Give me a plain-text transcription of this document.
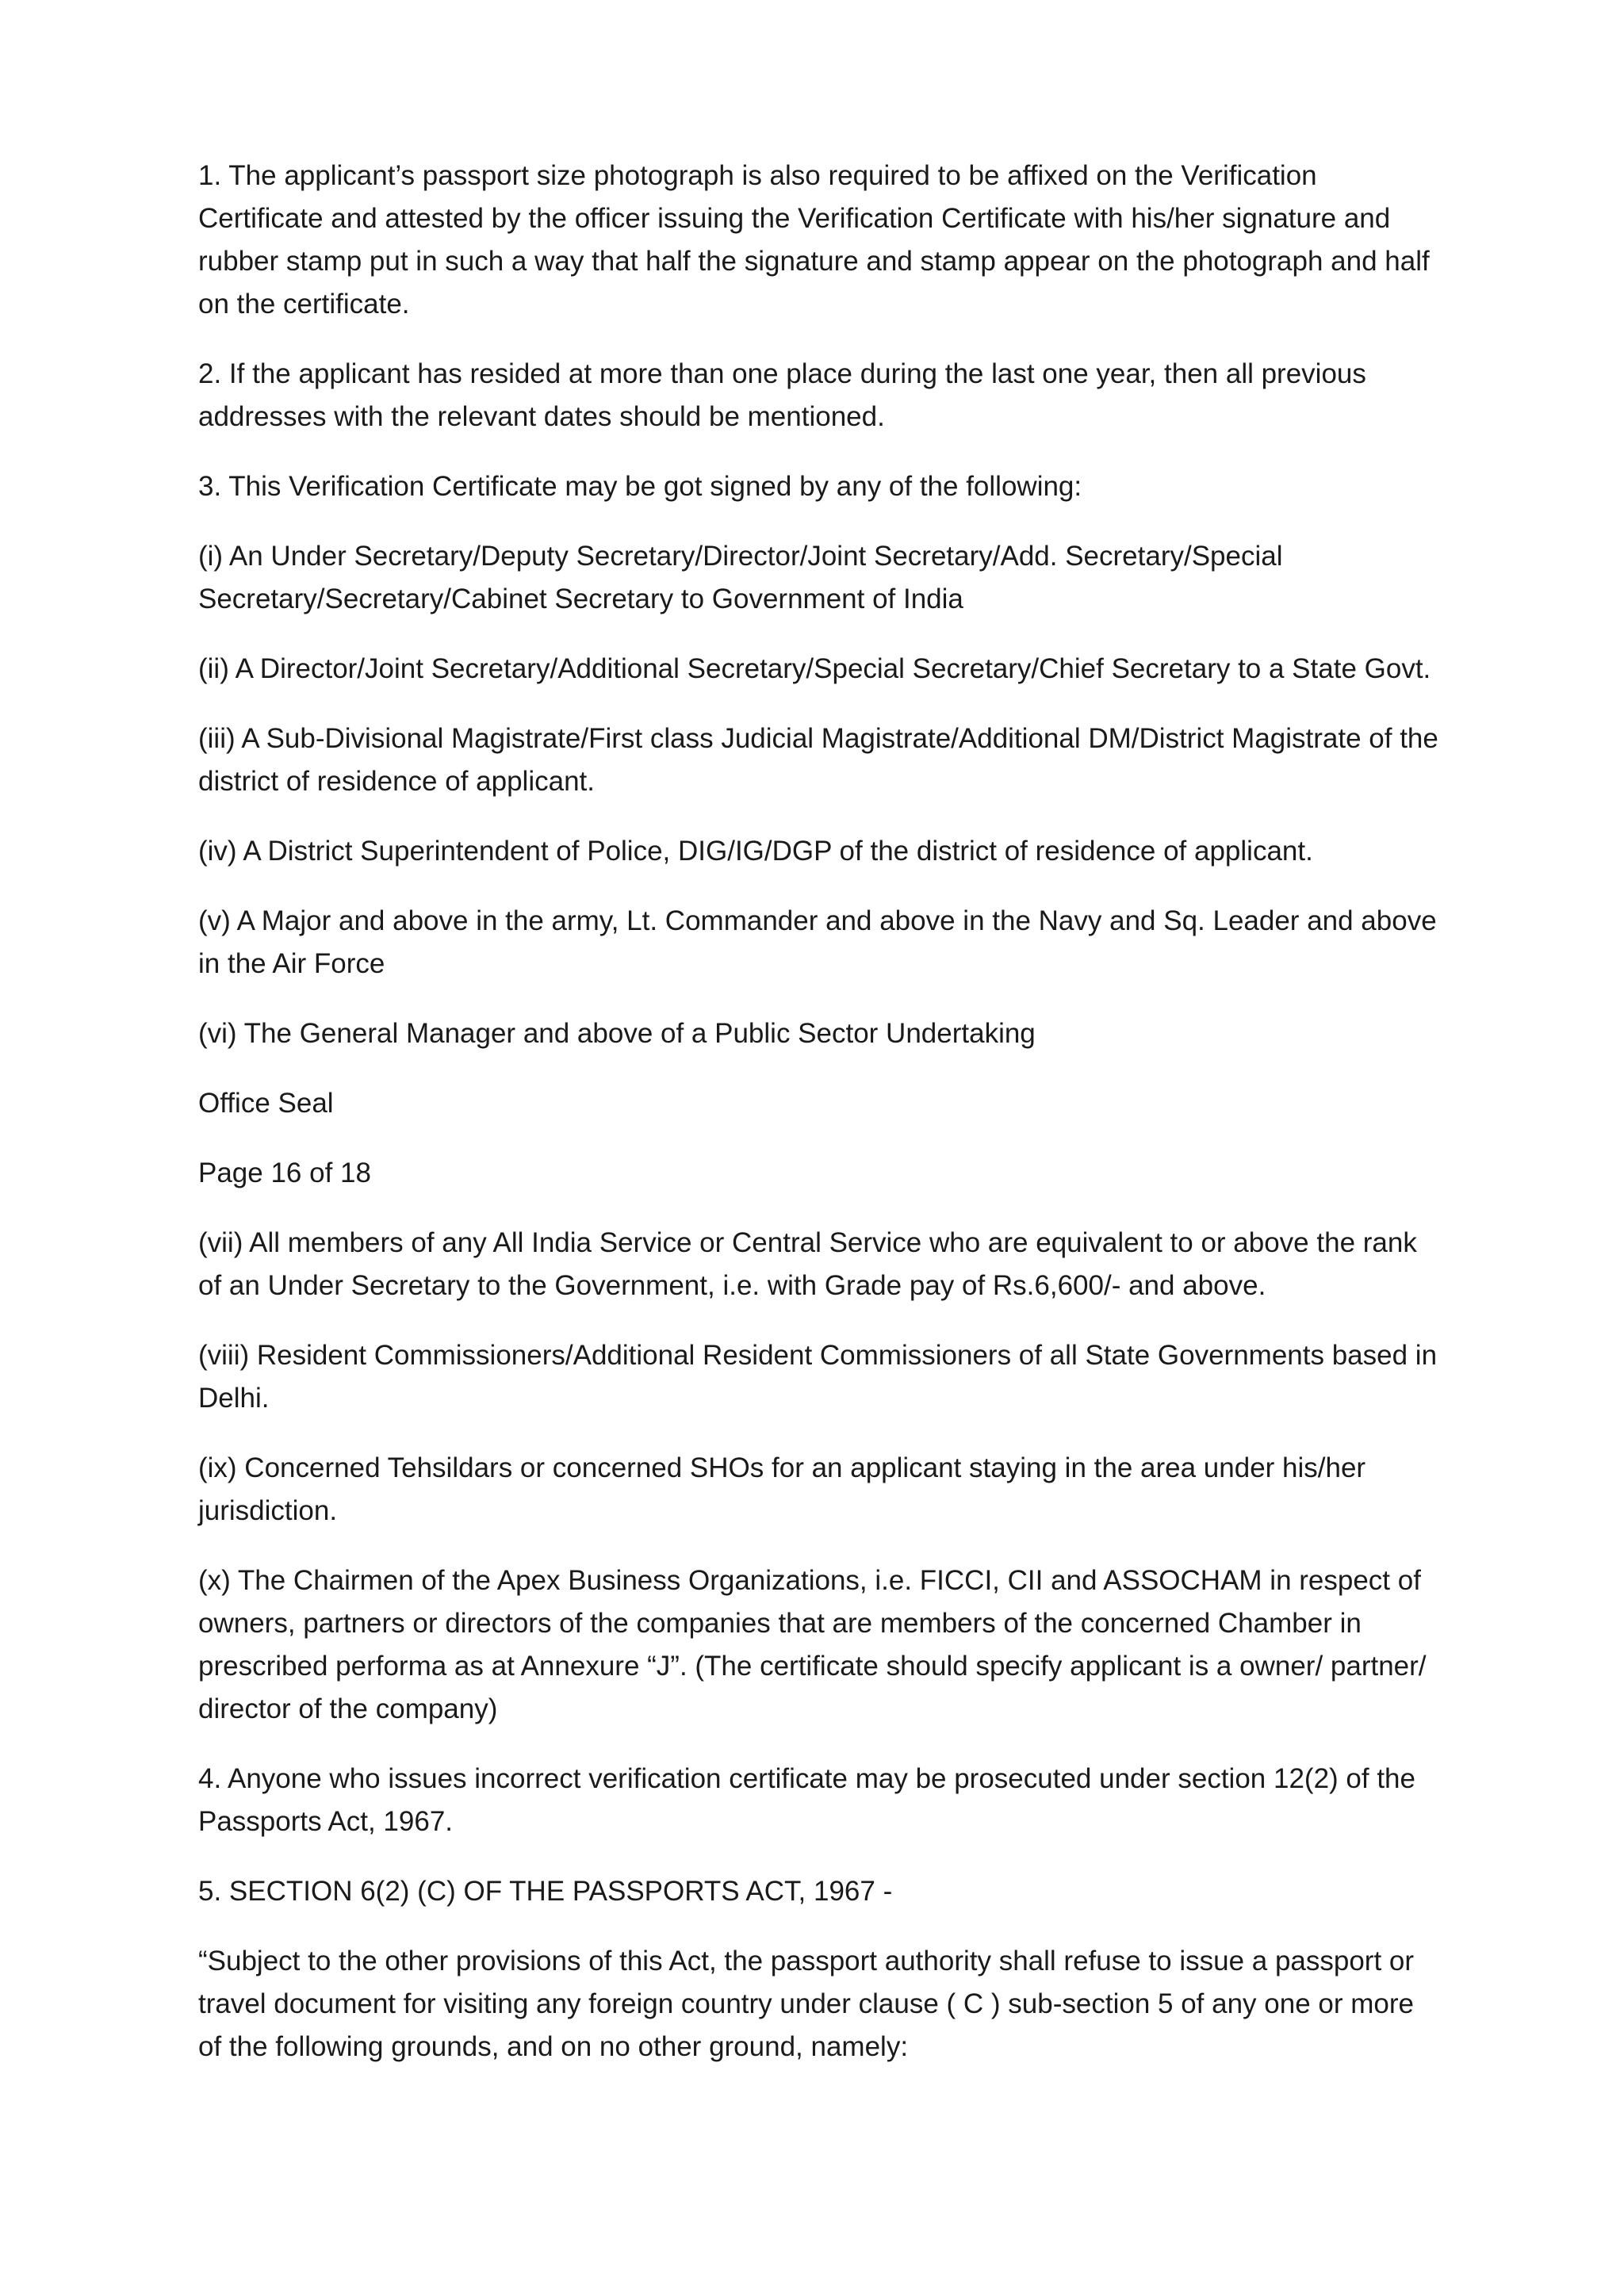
1. The applicant’s passport size photograph is also required to be affixed on the Verification Certificate and attested by the officer issuing the Verification Certificate with his/her signature and rubber stamp put in such a way that half the signature and stamp appear on the photograph and half on the certificate.

2. If the applicant has resided at more than one place during the last one year, then all previous addresses with the relevant dates should be mentioned.

3. This Verification Certificate may be got signed by any of the following:

(i) An Under Secretary/Deputy Secretary/Director/Joint Secretary/Add. Secretary/Special Secretary/Secretary/Cabinet Secretary to Government of India

(ii) A Director/Joint Secretary/Additional Secretary/Special Secretary/Chief Secretary to a State Govt.

(iii) A Sub-Divisional Magistrate/First class Judicial Magistrate/Additional DM/District Magistrate of the district of residence of applicant.

(iv) A District Superintendent of Police, DIG/IG/DGP of the district of residence of applicant.

(v) A Major and above in the army, Lt. Commander and above in the Navy and Sq. Leader and above in the Air Force

(vi) The General Manager and above of a Public Sector Undertaking

Office Seal

Page 16 of 18

(vii) All members of any All India Service or Central Service who are equivalent to or above the rank of an Under Secretary to the Government, i.e. with Grade pay of Rs.6,600/- and above.

(viii) Resident Commissioners/Additional Resident Commissioners of all State Governments based in Delhi.

(ix) Concerned Tehsildars or concerned SHOs for an applicant staying in the area under his/her jurisdiction.

(x) The Chairmen of the Apex Business Organizations, i.e. FICCI, CII and ASSOCHAM in respect of owners, partners or directors of the companies that are members of the concerned Chamber in prescribed performa as at Annexure “J”. (The certificate should specify applicant is a owner/ partner/ director of the company)

4. Anyone who issues incorrect verification certificate may be prosecuted under section 12(2) of the Passports Act, 1967.

5. SECTION 6(2) (C) OF THE PASSPORTS ACT, 1967 -

“Subject to the other provisions of this Act, the passport authority shall refuse to issue a passport or travel document for visiting any foreign country under clause ( C ) sub-section 5 of any one or more of the following grounds, and on no other ground, namely:
